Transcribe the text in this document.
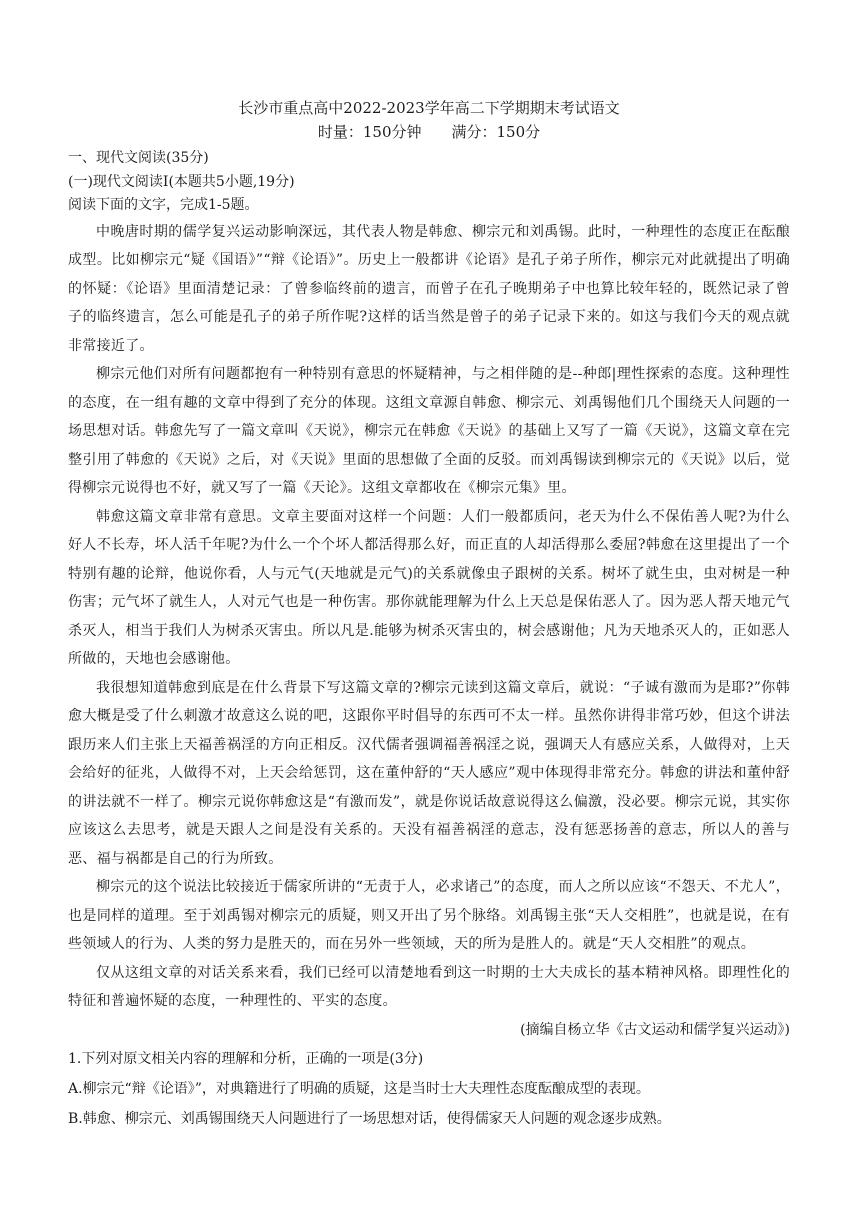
长沙市重点高中2022-2023学年高二下学期期末考试语文

时量：150分钟　　满分：150分

一、现代文阅读(35分)

(一)现代文阅读Ⅰ(本题共5小题,19分)

阅读下面的文字，完成1-5题。

中晚唐时期的儒学复兴运动影响深远，其代表人物是韩愈、柳宗元和刘禹锡。此时，一种理性的态度正在酝酿成型。比如柳宗元“疑《国语》”“辩《论语》”。历史上一般都讲《论语》是孔子弟子所作，柳宗元对此就提出了明确的怀疑：《论语》里面清楚记录：了曾参临终前的遗言，而曾子在孔子晚期弟子中也算比较年轻的，既然记录了曾子的临终遗言，怎么可能是孔子的弟子所作呢?这样的话当然是曾子的弟子记录下来的。如这与我们今天的观点就非常接近了。

柳宗元他们对所有问题都抱有一种特别有意思的怀疑精神，与之相伴随的是--种郎|理性探索的态度。这种理性的态度，在一组有趣的文章中得到了充分的体现。这组文章源自韩愈、柳宗元、刘禹锡他们几个围绕天人问题的一场思想对话。韩愈先写了一篇文章叫《天说》，柳宗元在韩愈《天说》的基础上又写了一篇《天说》，这篇文章在完整引用了韩愈的《天说》之后，对《天说》里面的思想做了全面的反驳。而刘禹锡读到柳宗元的《天说》以后，觉得柳宗元说得也不好，就又写了一篇《天论》。这组文章都收在《柳宗元集》里。

韩愈这篇文章非常有意思。文章主要面对这样一个问题：人们一般都质问，老天为什么不保佑善人呢?为什么好人不长寿，坏人活千年呢?为什么一个个坏人都活得那么好，而正直的人却活得那么委屈?韩愈在这里提出了一个特别有趣的论辩，他说你看，人与元气(天地就是元气)的关系就像虫子跟树的关系。树坏了就生虫，虫对树是一种伤害；元气坏了就生人，人对元气也是一种伤害。那你就能理解为什么上天总是保佑恶人了。因为恶人帮天地元气杀灭人，相当于我们人为树杀灭害虫。所以凡是.能够为树杀灭害虫的，树会感谢他；凡为天地杀灭人的，正如恶人所做的，天地也会感谢他。

我很想知道韩愈到底是在什么背景下写这篇文章的?柳宗元读到这篇文章后，就说：“子诚有激而为是耶?”你韩愈大概是受了什么刺激才故意这么说的吧，这跟你平时倡导的东西可不太一样。虽然你讲得非常巧妙，但这个讲法跟历来人们主张上天福善祸淫的方向正相反。汉代儒者强调福善祸淫之说，强调天人有感应关系，人做得对，上天会给好的征兆，人做得不对，上天会给惩罚，这在董仲舒的“天人感应”观中体现得非常充分。韩愈的讲法和董仲舒的讲法就不一样了。柳宗元说你韩愈这是“有激而发”，就是你说话故意说得这么偏激，没必要。柳宗元说，其实你应该这么去思考，就是天跟人之间是没有关系的。天没有福善祸淫的意志，没有惩恶扬善的意志，所以人的善与恶、福与祸都是自己的行为所致。

柳宗元的这个说法比较接近于儒家所讲的“无责于人，必求诸己”的态度，而人之所以应该“不怨天、不尤人”，也是同样的道理。至于刘禹锡对柳宗元的质疑，则又开出了另个脉络。刘禹锡主张“天人交相胜”，也就是说，在有些领域人的行为、人类的努力是胜天的，而在另外一些领域，天的所为是胜人的。就是“天人交相胜”的观点。

仅从这组文章的对话关系来看，我们已经可以清楚地看到这一时期的士大夫成长的基本精神风格。即理性化的特征和普遍怀疑的态度，一种理性的、平实的态度。

(摘编自杨立华《古文运动和儒学复兴运动》)

1.下列对原文相关内容的理解和分析，正确的一项是(3分)

A.柳宗元“辩《论语》”，对典籍进行了明确的质疑，这是当时士大夫理性态度酝酿成型的表现。

B.韩愈、柳宗元、刘禹锡围绕天人问题进行了一场思想对话，使得儒家天人问题的观念逐步成熟。
